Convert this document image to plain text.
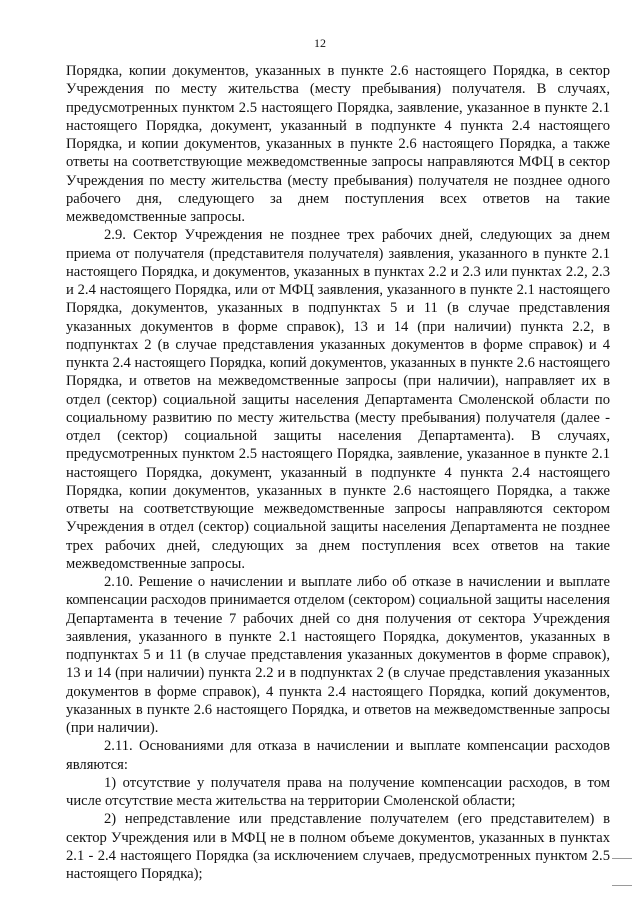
12

Порядка, копии документов, указанных в пункте 2.6 настоящего Порядка, в сектор Учреждения по месту жительства (месту пребывания) получателя. В случаях, предусмотренных пунктом 2.5 настоящего Порядка, заявление, указанное в пункте 2.1 настоящего Порядка, документ, указанный в подпункте 4 пункта 2.4 настоящего Порядка, и копии документов, указанных в пункте 2.6 настоящего Порядка, а также ответы на соответствующие межведомственные запросы направляются МФЦ в сектор Учреждения по месту жительства (месту пребывания) получателя не позднее одного рабочего дня, следующего за днем поступления всех ответов на такие межведомственные запросы.

2.9. Сектор Учреждения не позднее трех рабочих дней, следующих за днем приема от получателя (представителя получателя) заявления, указанного в пункте 2.1 настоящего Порядка, и документов, указанных в пунктах 2.2 и 2.3 или пунктах 2.2, 2.3 и 2.4 настоящего Порядка, или от МФЦ заявления, указанного в пункте 2.1 настоящего Порядка, документов, указанных в подпунктах 5 и 11 (в случае представления указанных документов в форме справок), 13 и 14 (при наличии) пункта 2.2, в подпунктах 2 (в случае представления указанных документов в форме справок) и 4 пункта 2.4 настоящего Порядка, копий документов, указанных в пункте 2.6 настоящего Порядка, и ответов на межведомственные запросы (при наличии), направляет их в отдел (сектор) социальной защиты населения Департамента Смоленской области по социальному развитию по месту жительства (месту пребывания) получателя (далее - отдел (сектор) социальной защиты населения Департамента). В случаях, предусмотренных пунктом 2.5 настоящего Порядка, заявление, указанное в пункте 2.1 настоящего Порядка, документ, указанный в подпункте 4 пункта 2.4 настоящего Порядка, копии документов, указанных в пункте 2.6 настоящего Порядка, а также ответы на соответствующие межведомственные запросы направляются сектором Учреждения в отдел (сектор) социальной защиты населения Департамента не позднее трех рабочих дней, следующих за днем поступления всех ответов на такие межведомственные запросы.

2.10. Решение о начислении и выплате либо об отказе в начислении и выплате компенсации расходов принимается отделом (сектором) социальной защиты населения Департамента в течение 7 рабочих дней со дня получения от сектора Учреждения заявления, указанного в пункте 2.1 настоящего Порядка, документов, указанных в подпунктах 5 и 11 (в случае представления указанных документов в форме справок), 13 и 14 (при наличии) пункта 2.2 и в подпунктах 2 (в случае представления указанных документов в форме справок), 4 пункта 2.4 настоящего Порядка, копий документов, указанных в пункте 2.6 настоящего Порядка, и ответов на межведомственные запросы (при наличии).

2.11. Основаниями для отказа в начислении и выплате компенсации расходов являются:

1) отсутствие у получателя права на получение компенсации расходов, в том числе отсутствие места жительства на территории Смоленской области;

2) непредставление или представление получателем (его представителем) в сектор Учреждения или в МФЦ не в полном объеме документов, указанных в пунктах 2.1 - 2.4 настоящего Порядка (за исключением случаев, предусмотренных пунктом 2.5 настоящего Порядка);
